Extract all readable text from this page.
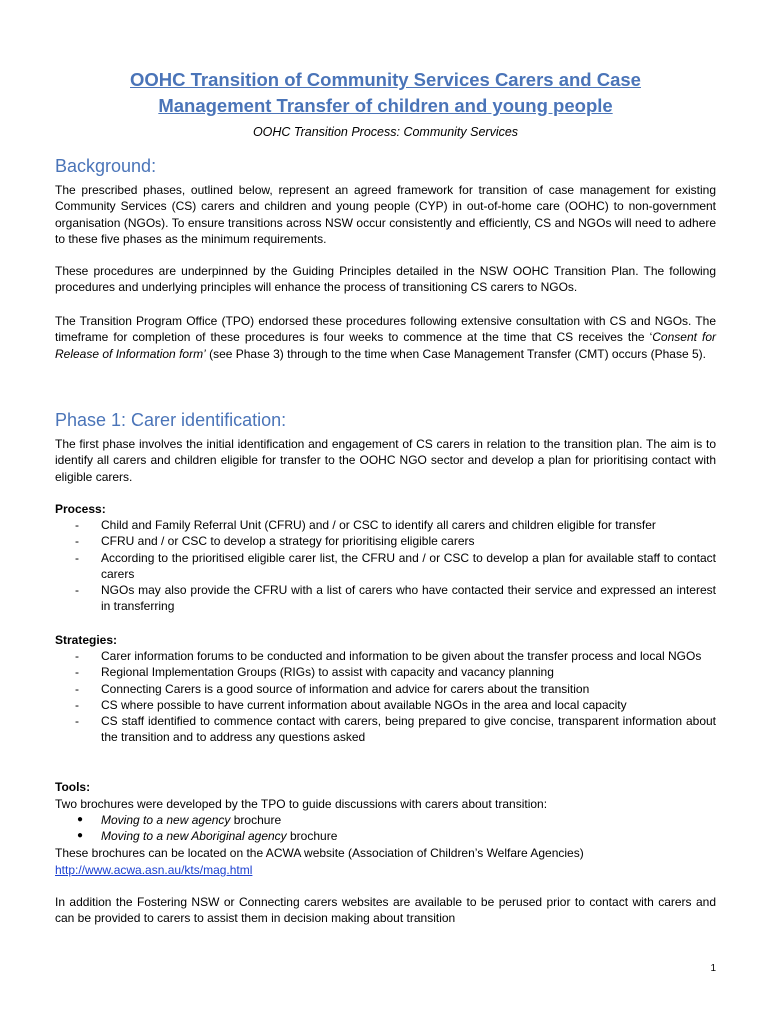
OOHC Transition of Community Services Carers and Case
Management Transfer of children and young people
OOHC Transition Process: Community Services
Background:
The prescribed phases, outlined below, represent an agreed framework for transition of case management for existing Community Services (CS) carers and children and young people (CYP) in out-of-home care (OOHC) to non-government organisation (NGOs). To ensure transitions across NSW occur consistently and efficiently, CS and NGOs will need to adhere to these five phases as the minimum requirements.
These procedures are underpinned by the Guiding Principles detailed in the NSW OOHC Transition Plan. The following procedures and underlying principles will enhance the process of transitioning CS carers to NGOs.
The Transition Program Office (TPO) endorsed these procedures following extensive consultation with CS and NGOs. The timeframe for completion of these procedures is four weeks to commence at the time that CS receives the ‘Consent for Release of Information form’ (see Phase 3) through to the time when Case Management Transfer (CMT) occurs (Phase 5).
Phase 1: Carer identification:
The first phase involves the initial identification and engagement of CS carers in relation to the transition plan. The aim is to identify all carers and children eligible for transfer to the OOHC NGO sector and develop a plan for prioritising contact with eligible carers.
Process:
- Child and Family Referral Unit (CFRU) and / or CSC to identify all carers and children eligible for transfer
- CFRU and / or CSC to develop a strategy for prioritising eligible carers
- According to the prioritised eligible carer list, the CFRU and / or CSC to develop a plan for available staff to contact carers
- NGOs may also provide the CFRU with a list of carers who have contacted their service and expressed an interest in transferring
Strategies:
- Carer information forums to be conducted and information to be given about the transfer process and local NGOs
- Regional Implementation Groups (RIGs) to assist with capacity and vacancy planning
- Connecting Carers is a good source of information and advice for carers about the transition
- CS where possible to have current information about available NGOs in the area and local capacity
- CS staff identified to commence contact with carers, being prepared to give concise, transparent information about the transition and to address any questions asked
Tools:
Two brochures were developed by the TPO to guide discussions with carers about transition:
● Moving to a new agency brochure
● Moving to a new Aboriginal agency brochure
These brochures can be located on the ACWA website (Association of Children’s Welfare Agencies)
http://www.acwa.asn.au/kts/mag.html
In addition the Fostering NSW or Connecting carers websites are available to be perused prior to contact with carers and can be provided to carers to assist them in decision making about transition
1
